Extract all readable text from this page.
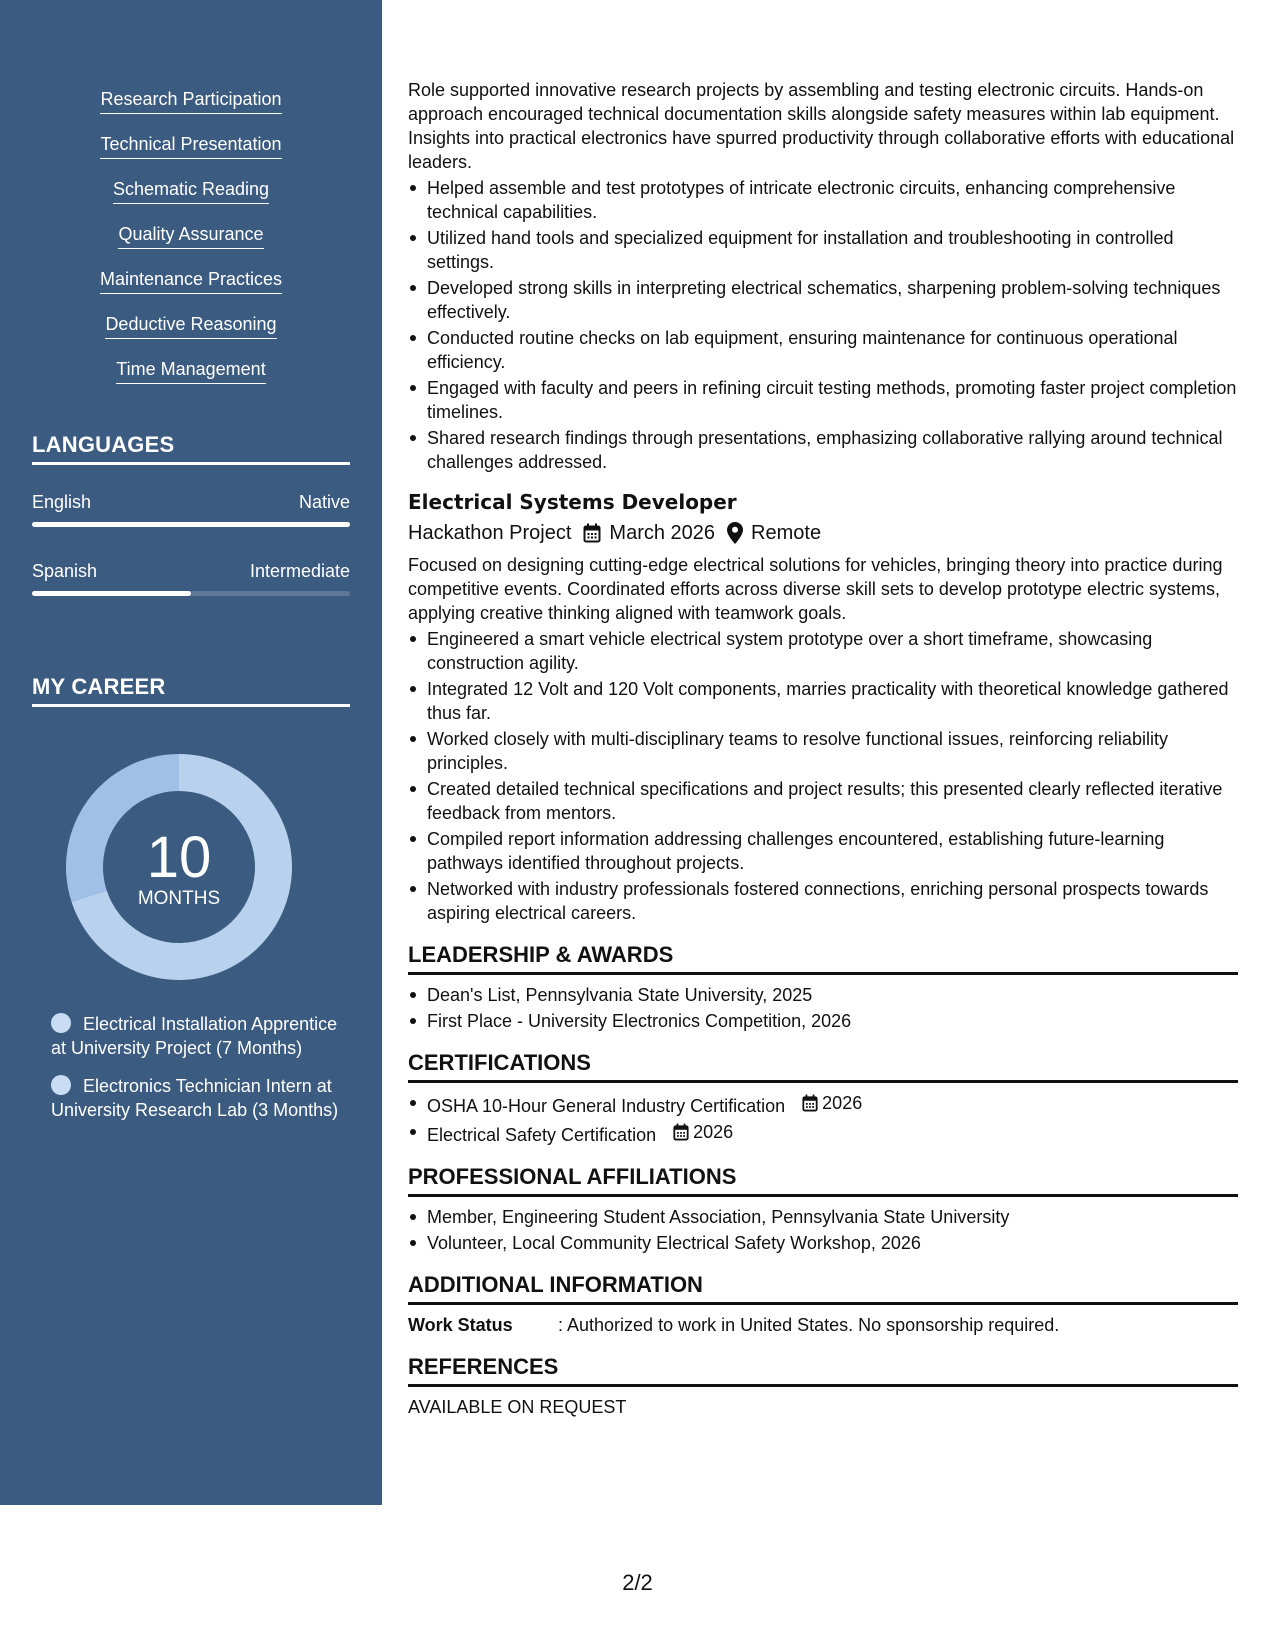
Research Participation
Technical Presentation
Schematic Reading
Quality Assurance
Maintenance Practices
Deductive Reasoning
Time Management
LANGUAGES
English	Native
Spanish	Intermediate
MY CAREER
10
MONTHS
Electrical Installation Apprentice at University Project (7 Months)
Electronics Technician Intern at University Research Lab (3 Months)

Role supported innovative research projects by assembling and testing electronic circuits. Hands-on approach encouraged technical documentation skills alongside safety measures within lab equipment. Insights into practical electronics have spurred productivity through collaborative efforts with educational leaders.

Helped assemble and test prototypes of intricate electronic circuits, enhancing comprehensive technical capabilities.
Utilized hand tools and specialized equipment for installation and troubleshooting in controlled settings.
Developed strong skills in interpreting electrical schematics, sharpening problem-solving techniques effectively.
Conducted routine checks on lab equipment, ensuring maintenance for continuous operational efficiency.
Engaged with faculty and peers in refining circuit testing methods, promoting faster project completion timelines.
Shared research findings through presentations, emphasizing collaborative rallying around technical challenges addressed.
Electrical Systems Developer
Hackathon Project March 2026 Remote

Focused on designing cutting-edge electrical solutions for vehicles, bringing theory into practice during competitive events. Coordinated efforts across diverse skill sets to develop prototype electric systems, applying creative thinking aligned with teamwork goals.

Engineered a smart vehicle electrical system prototype over a short timeframe, showcasing construction agility.
Integrated 12 Volt and 120 Volt components, marries practicality with theoretical knowledge gathered thus far.
Worked closely with multi-disciplinary teams to resolve functional issues, reinforcing reliability principles.
Created detailed technical specifications and project results; this presented clearly reflected iterative feedback from mentors.
Compiled report information addressing challenges encountered, establishing future-learning pathways identified throughout projects.
Networked with industry professionals fostered connections, enriching personal prospects towards aspiring electrical careers.
LEADERSHIP & AWARDS
Dean's List, Pennsylvania State University, 2025
First Place - University Electronics Competition, 2026
CERTIFICATIONS
OSHA 10-Hour General Industry Certification 2026
Electrical Safety Certification 2026
PROFESSIONAL AFFILIATIONS
Member, Engineering Student Association, Pennsylvania State University
Volunteer, Local Community Electrical Safety Workshop, 2026
ADDITIONAL INFORMATION
Work Status	: Authorized to work in United States. No sponsorship required.
REFERENCES
AVAILABLE ON REQUEST
2/2
